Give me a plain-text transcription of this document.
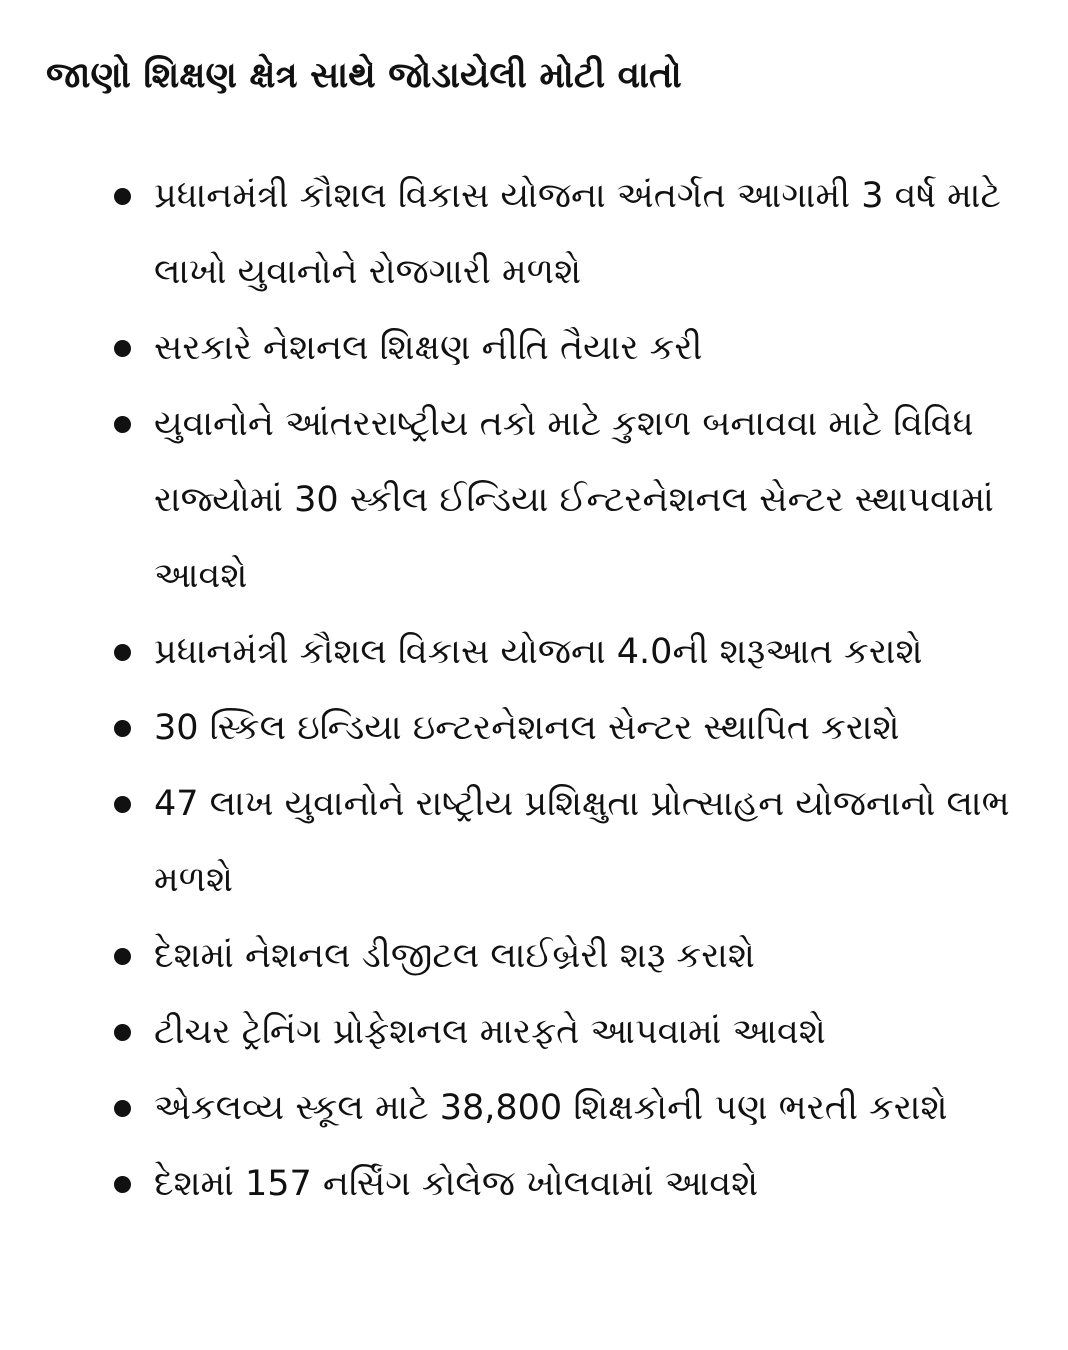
જાણો શિક્ષણ ક્ષેત્ર સાથે જોડાયેલી મોટી વાતો
પ્રધાનમંત્રી કૌશલ વિકાસ યોજના અંતર્ગત આગામી 3 વર્ષ માટે લાખો યુવાનોને રોજગારી મળશે
સરકારે નેશનલ શિક્ષણ નીતિ તૈયાર કરી
યુવાનોને આંતરરાષ્ટ્રીય તકો માટે કુશળ બનાવવા માટે વિવિધ રાજ્યોમાં 30 સ્કીલ ઈન્ડિયા ઈન્ટરનેશનલ સેન્ટર સ્થાપવામાં આવશે
પ્રધાનમંત્રી કૌશલ વિકાસ યોજના 4.0ની શરૂઆત કરાશે
30 સ્કિલ ઇન્ડિયા ઇન્ટરનેશનલ સેન્ટર સ્થાપિત કરાશે
47 લાખ યુવાનોને રાષ્ટ્રીય પ્રશિક્ષુતા પ્રોત્સાહન યોજનાનો લાભ મળશે
દેશમાં નેશનલ ડીજીટલ લાઈબ્રેરી શરૂ કરાશે
ટીચર ટ્રેનિંગ પ્રોફેશનલ મારફતે આપવામાં આવશે
એકલવ્ય સ્કૂલ માટે 38,800 શિક્ષકોની પણ ભરતી કરાશે
દેશમાં 157 નર્સિંગ કોલેજ ખોલવામાં આવશે
